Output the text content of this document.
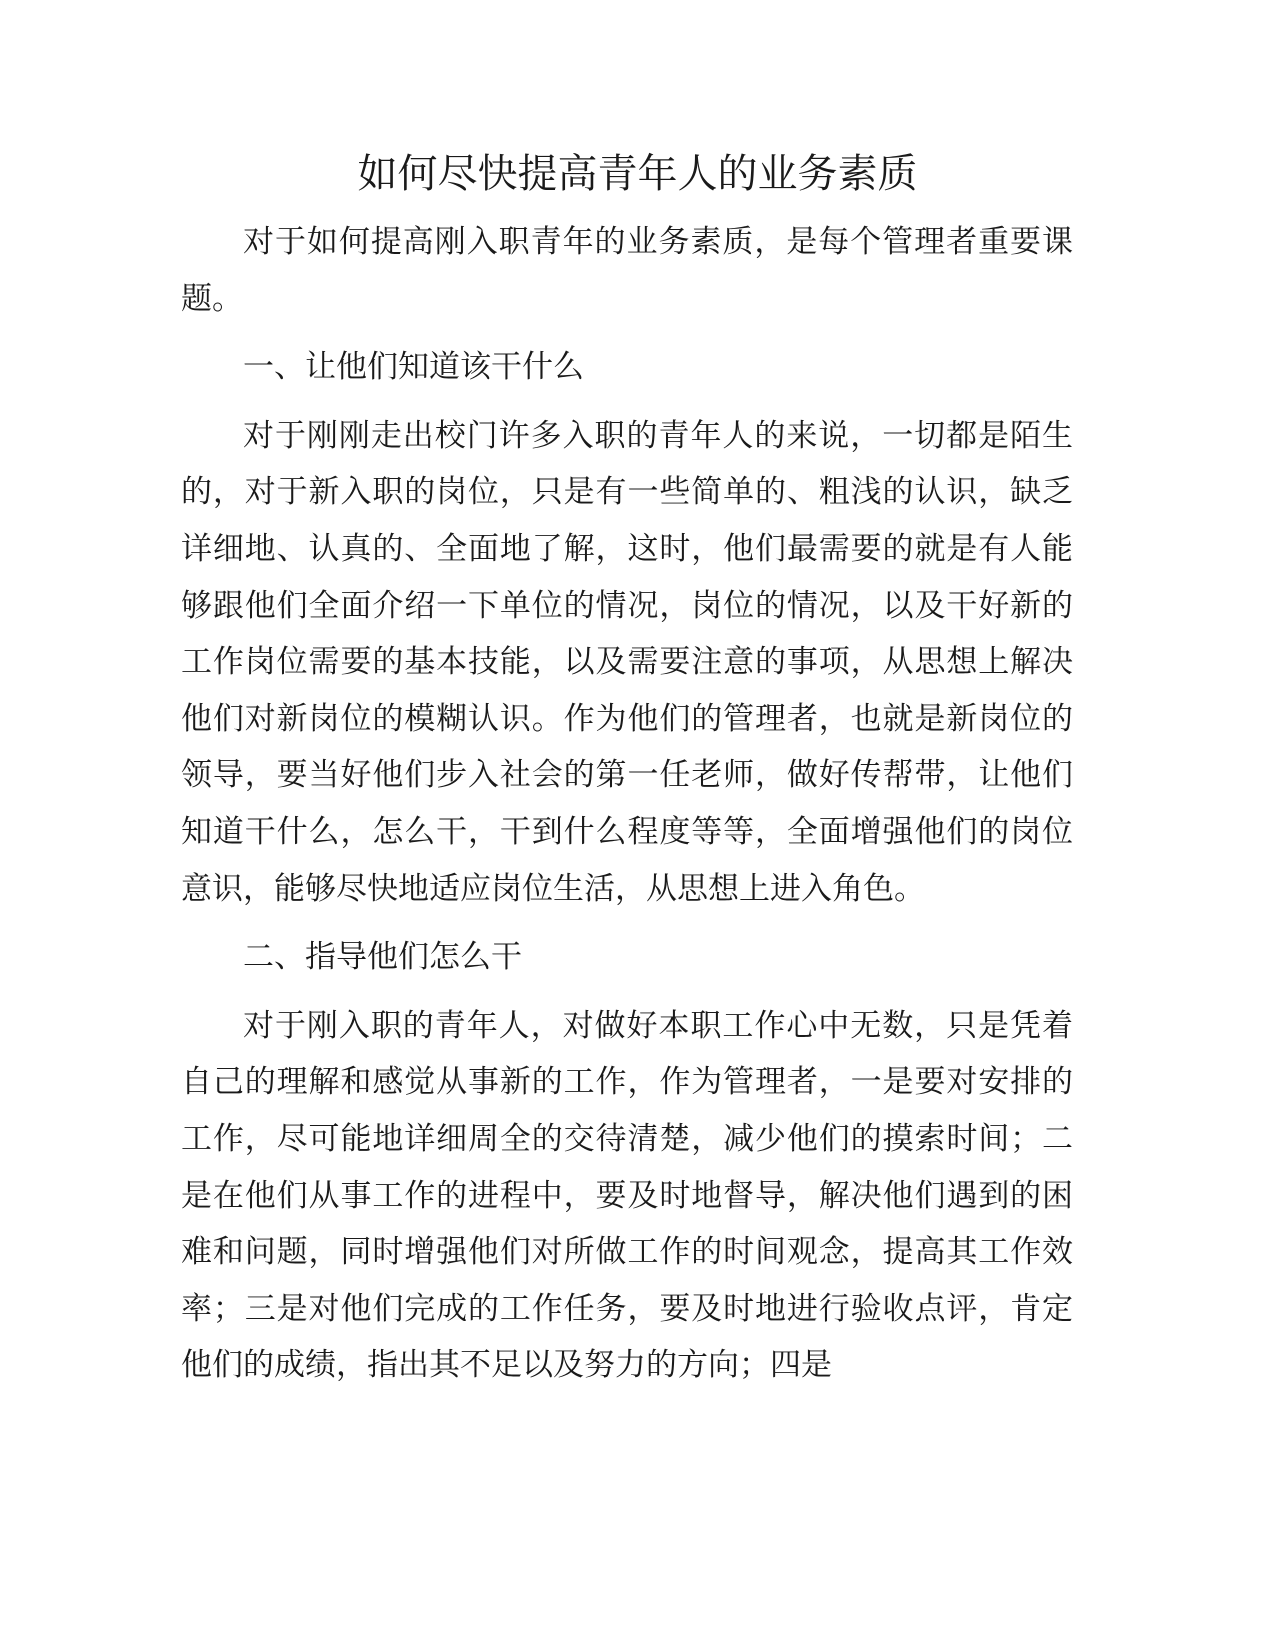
如何尽快提高青年人的业务素质

对于如何提高刚入职青年的业务素质，是每个管理者重要课题。

一、让他们知道该干什么

对于刚刚走出校门许多入职的青年人的来说，一切都是陌生的，对于新入职的岗位，只是有一些简单的、粗浅的认识，缺乏详细地、认真的、全面地了解，这时，他们最需要的就是有人能够跟他们全面介绍一下单位的情况，岗位的情况，以及干好新的工作岗位需要的基本技能，以及需要注意的事项，从思想上解决他们对新岗位的模糊认识。作为他们的管理者，也就是新岗位的领导，要当好他们步入社会的第一任老师，做好传帮带，让他们知道干什么，怎么干，干到什么程度等等，全面增强他们的岗位意识，能够尽快地适应岗位生活，从思想上进入角色。

二、指导他们怎么干

对于刚入职的青年人，对做好本职工作心中无数，只是凭着自己的理解和感觉从事新的工作，作为管理者，一是要对安排的工作，尽可能地详细周全的交待清楚，减少他们的摸索时间；二是在他们从事工作的进程中，要及时地督导，解决他们遇到的困难和问题，同时增强他们对所做工作的时间观念，提高其工作效率；三是对他们完成的工作任务，要及时地进行验收点评，肯定他们的成绩，指出其不足以及努力的方向；四是
